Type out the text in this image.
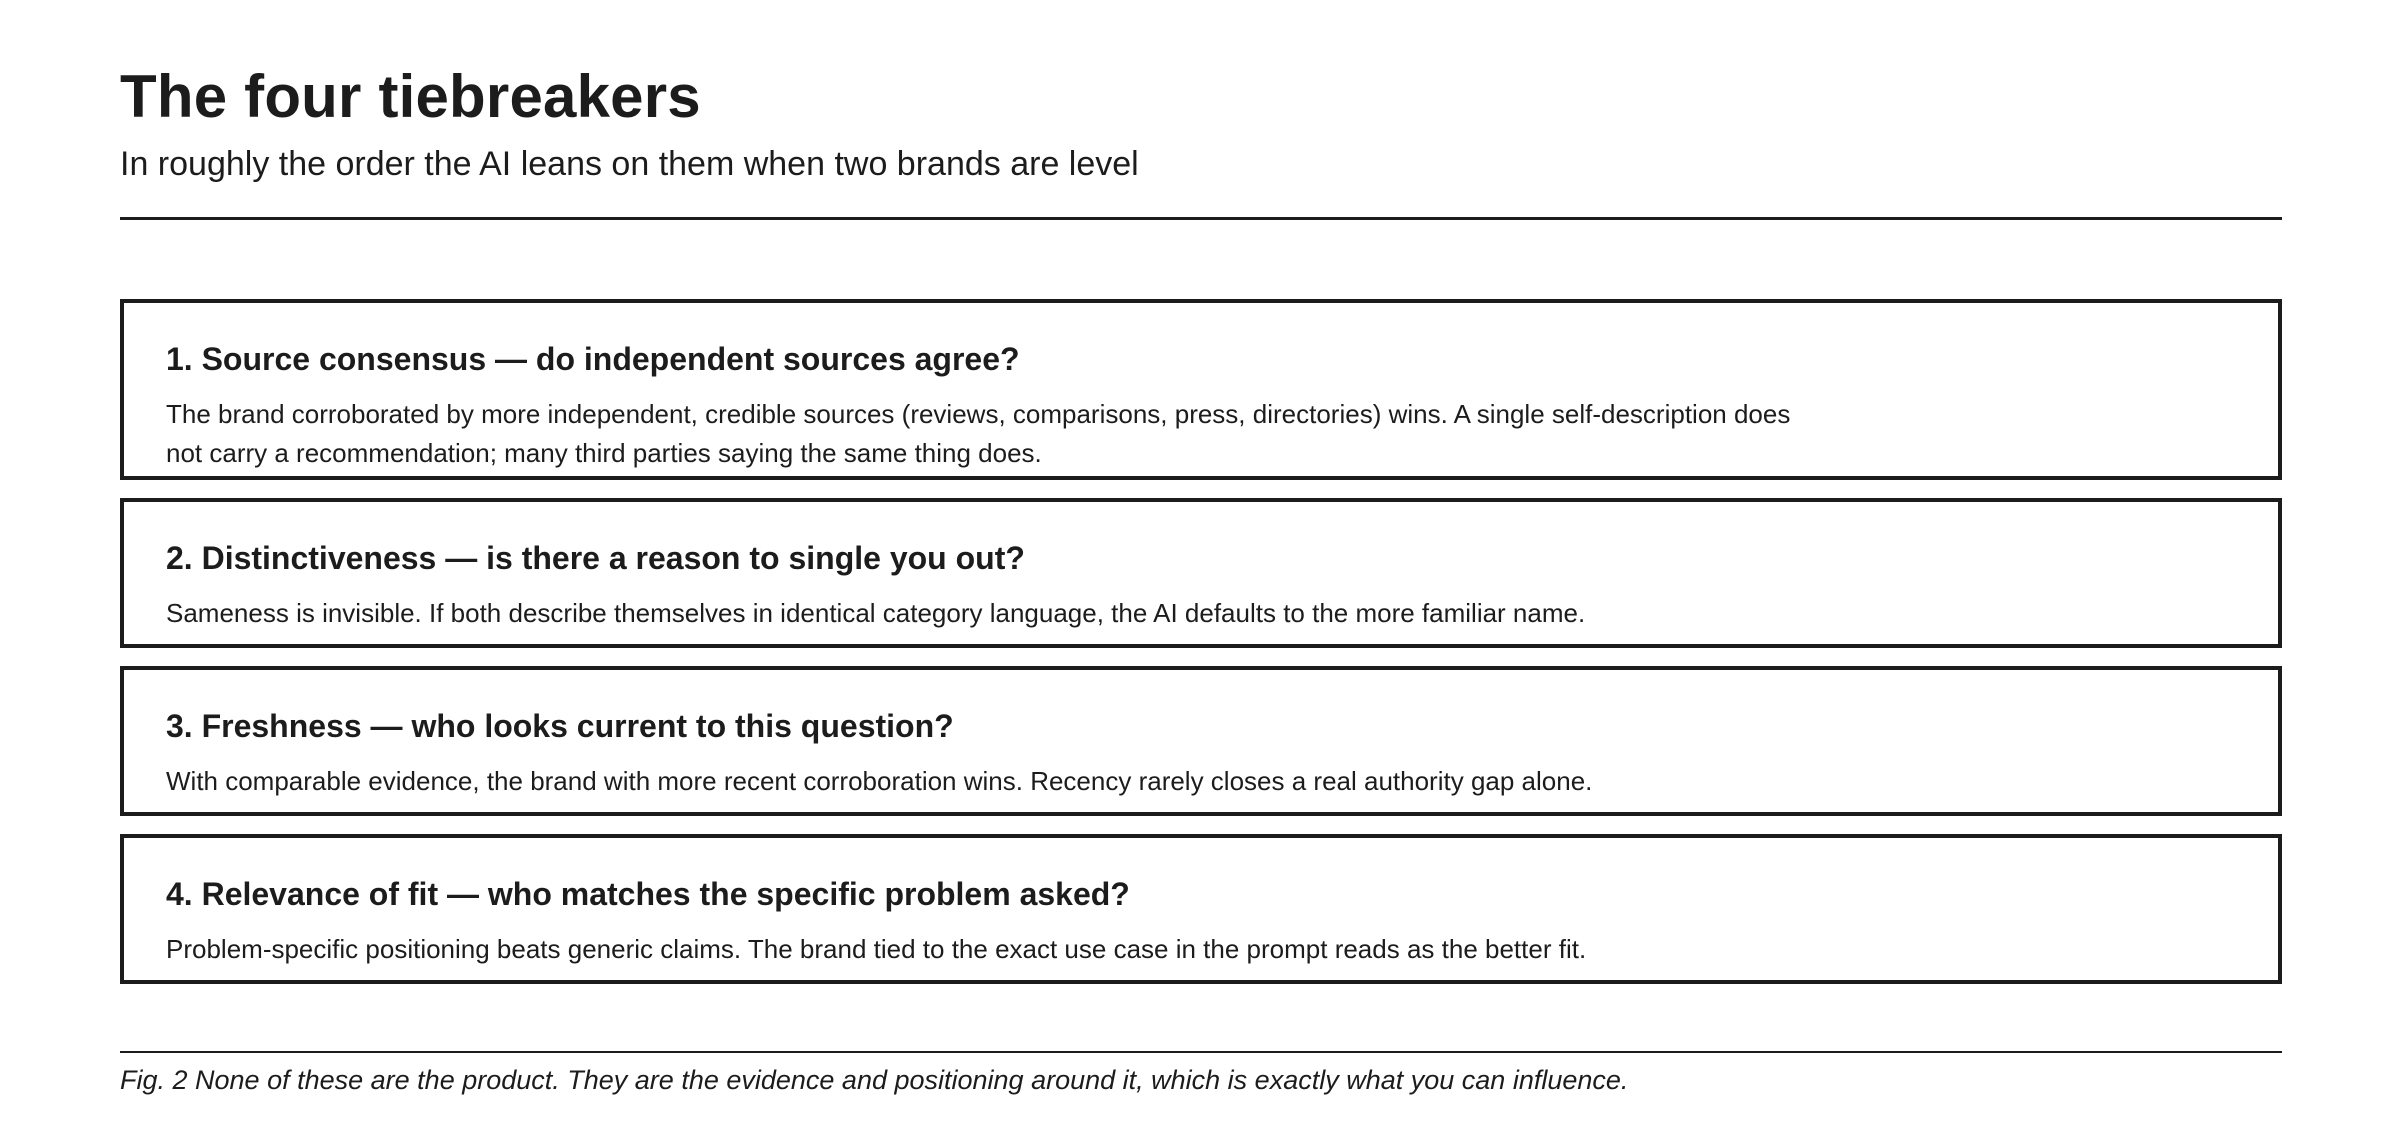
The four tiebreakers

In roughly the order the AI leans on them when two brands are level

1. Source consensus — do independent sources agree?

The brand corroborated by more independent, credible sources (reviews, comparisons, press, directories) wins. A single self-description does not carry a recommendation; many third parties saying the same thing does.

2. Distinctiveness — is there a reason to single you out?

Sameness is invisible. If both describe themselves in identical category language, the AI defaults to the more familiar name.

3. Freshness — who looks current to this question?

With comparable evidence, the brand with more recent corroboration wins. Recency rarely closes a real authority gap alone.

4. Relevance of fit — who matches the specific problem asked?

Problem-specific positioning beats generic claims. The brand tied to the exact use case in the prompt reads as the better fit.

Fig. 2 None of these are the product. They are the evidence and positioning around it, which is exactly what you can influence.
